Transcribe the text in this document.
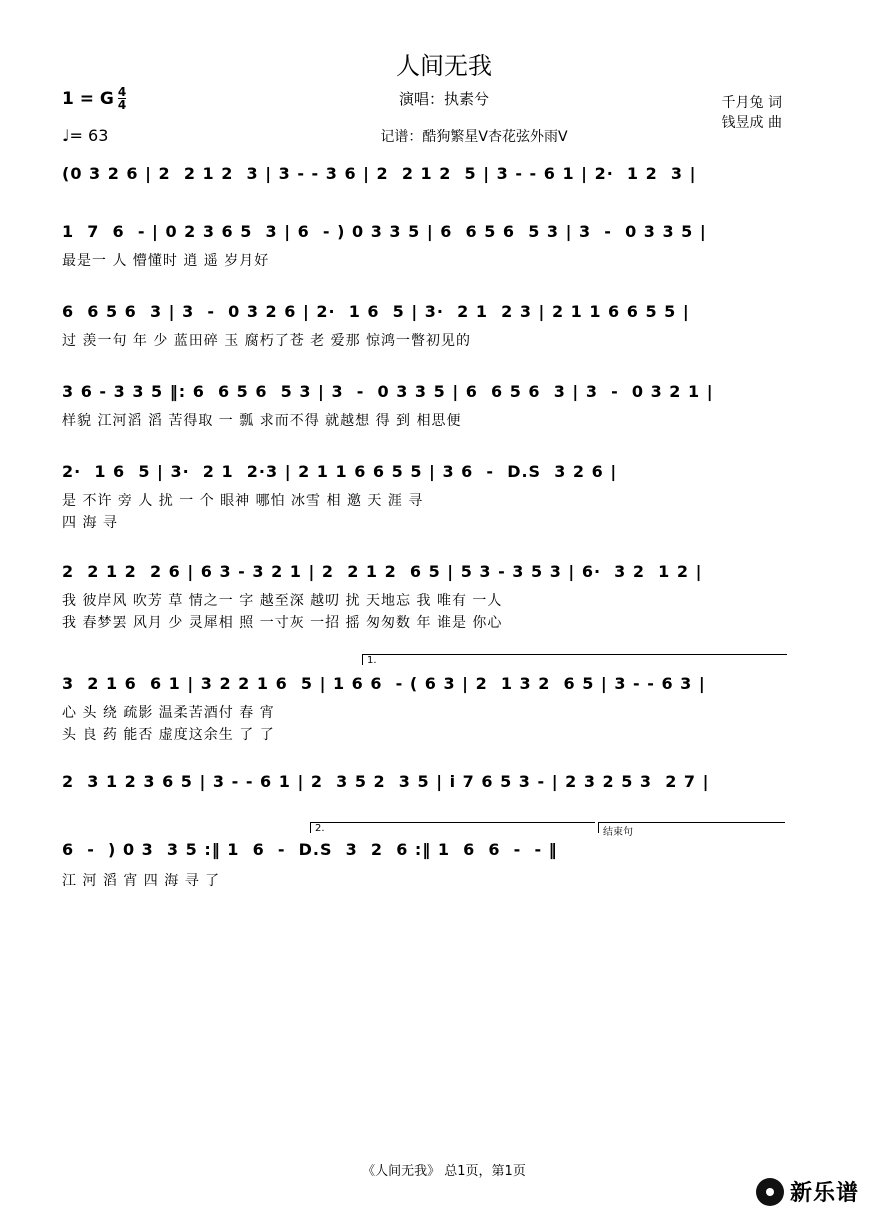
人间无我
演唱：执素兮
记谱：酷狗繁星V杏花弦外雨V
1 = G 4
4
♩= 63
千月兔 词
钱昱成 曲
(0 3 2 6 | 2  2 1 2  3 | 3 - - 3 6 | 2  2 1 2  5 | 3 - - 6 1 | 2·  1 2  3 |
1  7  6  - | 0 2 3 6 5  3 | 6  - ) 0 3 3 5 | 6  6 5 6  5 3 | 3  -  0 3 3 5 |
最是一 人 懵懂时 逍 遥 岁月好
6  6 5 6  3 | 3  -  0 3 2 6 | 2·  1 6  5 | 3·  2 1  2 3 | 2 1 1 6 6 5 5 |
过 羡一句 年 少 蓝田碎 玉 腐朽了苍 老 爱那 惊鸿一瞥初见的
3 6 - 3 3 5 ‖: 6  6 5 6  5 3 | 3  -  0 3 3 5 | 6  6 5 6  3 | 3  -  0 3 2 1 |
样貌 江河滔 滔 苦得取 一 瓢 求而不得 就越想 得 到 相思便
2·  1 6  5 | 3·  2 1  2·3 | 2 1 1 6 6 5 5 | 3 6  -  D.S  3 2 6 |
是 不许 旁 人 扰 一 个 眼神 哪怕 冰雪 相 邀 天 涯 寻
四 海 寻
2  2 1 2  2 6 | 6 3 - 3 2 1 | 2  2 1 2  6 5 | 5 3 - 3 5 3 | 6·  3 2  1 2 |
我 彼岸风 吹芳 草 情之一 字 越至深 越叨 扰 天地忘 我 唯有 一人
我 春梦罢 风月 少 灵犀相 照 一寸灰 一招 摇 匆匆数 年 谁是 你心
1.
3  2 1 6  6 1 | 3 2 2 1 6  5 | 1 6 6  - ( 6 3 | 2  1 3 2  6 5 | 3 - - 6 3 |
心 头 绕 疏影 温柔苦酒付 春 宵
头 良 药 能否 虚度这余生 了 了
2  3 1 2 3 6 5 | 3 - - 6 1 | 2  3 5 2  3 5 | i 7 6 5 3 - | 2 3 2 5 3  2 7 |
2.	结束句
6  -  ) 0 3  3 5 :‖ 1  6  -  D.S  3  2  6 :‖ 1  6  6  -  - ‖
江 河 滔 宵 四 海 寻 了
《人间无我》 总1页，第1页
新乐谱
